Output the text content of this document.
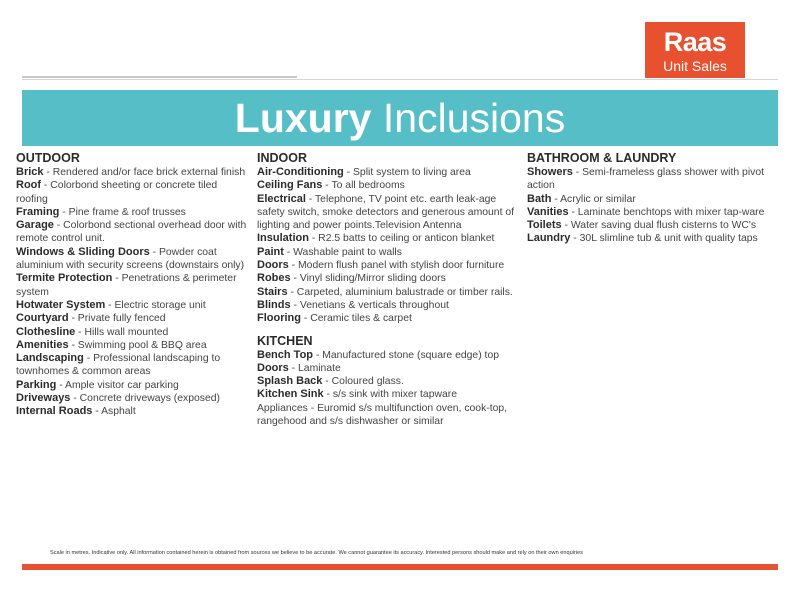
Raas
Unit Sales
Luxury Inclusions
OUTDOOR
Brick - Rendered and/or face brick external finish
Roof - Colorbond sheeting or concrete tiled roofing
Framing - Pine frame & roof trusses
Garage - Colorbond sectional overhead door with remote control unit.
Windows & Sliding Doors - Powder coat aluminium with security screens (downstairs only)
Termite Protection - Penetrations & perimeter system
Hotwater System - Electric storage unit
Courtyard - Private fully fenced
Clothesline - Hills wall mounted
Amenities - Swimming pool & BBQ area
Landscaping - Professional landscaping to townhomes & common areas
Parking - Ample visitor car parking
Driveways - Concrete driveways (exposed)
Internal Roads - Asphalt
INDOOR
Air-Conditioning - Split system to living area
Ceiling Fans - To all bedrooms
Electrical - Telephone, TV point etc. earth leak-age safety switch, smoke detectors and generous amount of lighting and power points.Television Antenna
Insulation - R2.5 batts to ceiling or anticon blanket
Paint - Washable paint to walls
Doors - Modern flush panel with stylish door furniture
Robes - Vinyl sliding/Mirror sliding doors
Stairs - Carpeted, aluminium balustrade or timber rails.
Blinds - Venetians & verticals throughout
Flooring - Ceramic tiles & carpet
KITCHEN
Bench Top - Manufactured stone (square edge) top
Doors - Laminate
Splash Back - Coloured glass.
Kitchen Sink - s/s sink with mixer tapware
Appliances - Euromid s/s multifunction oven, cook-top, rangehood and s/s dishwasher or similar
BATHROOM & LAUNDRY
Showers - Semi-frameless glass shower with pivot action
Bath - Acrylic or similar
Vanities - Laminate benchtops with mixer tap-ware
Toilets - Water saving dual flush cisterns to WC's
Laundry - 30L slimline tub & unit with quality taps
Scale in metres. Indicative only. All information contained herein is obtained from sources we believe to be accurate. We cannot guarantee its accuracy. Interested persons should make and rely on their own enquiries
